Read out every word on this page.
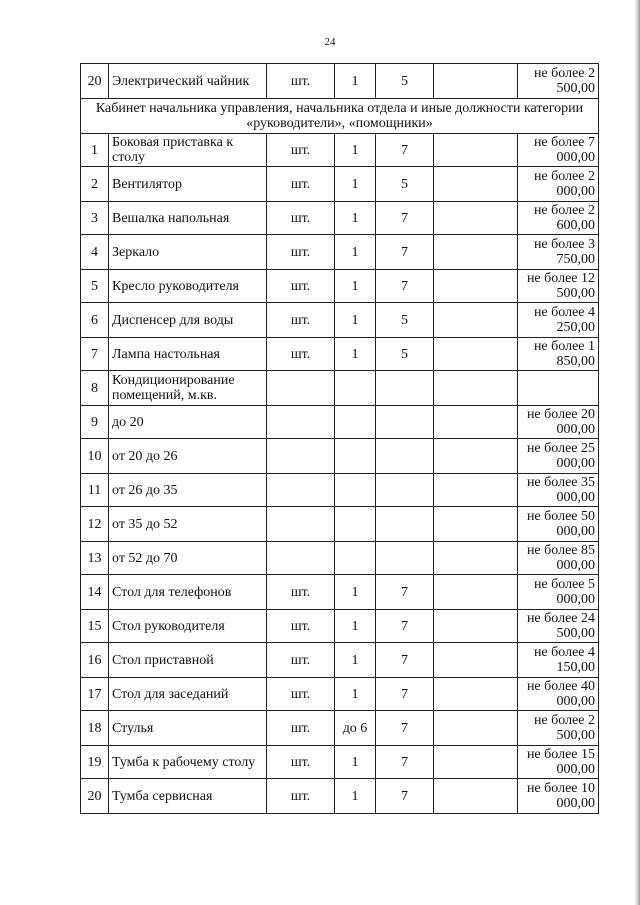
24
20	Электрический чайник	шт.	1	5		не более 2 500,00
Кабинет начальника управления, начальника отдела и иные должности категории «руководители», «помощники»						
1	Боковая приставка к столу	шт.	1	7		не более 7 000,00
2	Вентилятор	шт.	1	5		не более 2 000,00
3	Вешалка напольная	шт.	1	7		не более 2 600,00
4	Зеркало	шт.	1	7		не более 3 750,00
5	Кресло руководителя	шт.	1	7		не более 12 500,00
6	Диспенсер для воды	шт.	1	5		не более 4 250,00
7	Лампа настольная	шт.	1	5		не более 1 850,00
8	Кондиционирование помещений, м.кв.					
9	до 20					не более 20 000,00
10	от 20 до 26					не более 25 000,00
11	от 26 до 35					не более 35 000,00
12	от 35 до 52					не более 50 000,00
13	от 52 до 70					не более 85 000,00
14	Стол для телефонов	шт.	1	7		не более 5 000,00
15	Стол руководителя	шт.	1	7		не более 24 500,00
16	Стол приставной	шт.	1	7		не более 4 150,00
17	Стол для заседаний	шт.	1	7		не более 40 000,00
18	Стулья	шт.	до 6	7		не более 2 500,00
19	Тумба к рабочему столу	шт.	1	7		не более 15 000,00
20	Тумба сервисная	шт.	1	7		не более 10 000,00
